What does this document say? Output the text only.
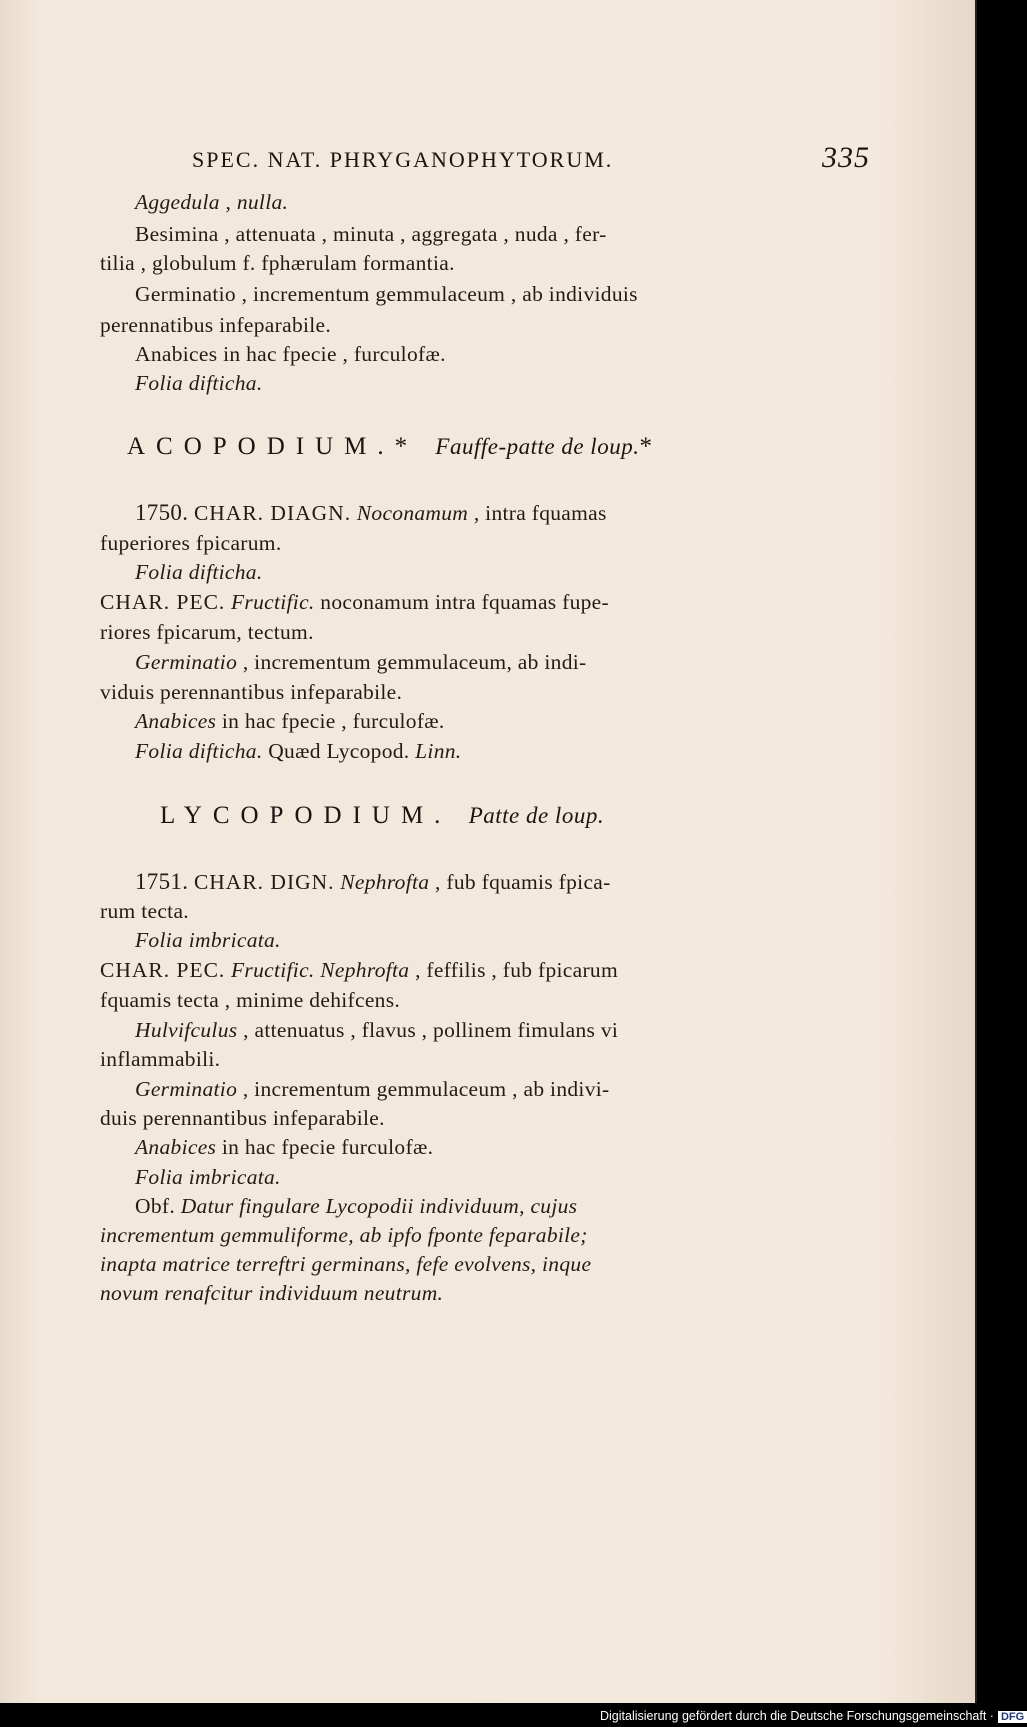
SPEC. NAT. PHRYGANOPHYTORUM.	335
Aggedula , nulla.
Besimina , attenuata , minuta , aggregata , nuda , fer-
tilia , globulum f. fphærulam formantia.
Germinatio , incrementum gemmulaceum , ab individuis
perennatibus infeparabile.
Anabices in hac fpecie , furculofæ.
Folia difticha.
ACOPODIUM.* Fauffe-patte de loup.*
1750. CHAR. DIAGN. Noconamum , intra fquamas
fuperiores fpicarum.
Folia difticha.
CHAR. PEC. Fructific. noconamum intra fquamas fupe-
riores fpicarum, tectum.
Germinatio , incrementum gemmulaceum, ab indi-
viduis perennantibus infeparabile.
Anabices in hac fpecie , furculofæ.
Folia difticha. Quæd Lycopod. Linn.
LYCOPODIUM. Patte de loup.
1751. CHAR. DIGN. Nephrofta , fub fquamis fpica-
rum tecta.
Folia imbricata.
CHAR. PEC. Fructific. Nephrofta , feffilis , fub fpicarum
fquamis tecta , minime dehifcens.
Hulvifculus , attenuatus , flavus , pollinem fimulans vi
inflammabili.
Germinatio , incrementum gemmulaceum , ab indivi-
duis perennantibus infeparabile.
Anabices in hac fpecie furculofæ.
Folia imbricata.
Obf. Datur fingulare Lycopodii individuum, cujus
incrementum gemmuliforme, ab ipfo fponte feparabile;
inapta matrice terreftri germinans, fefe evolvens, inque
novum renafcitur individuum neutrum.
Digitalisierung gefördert durch die Deutsche Forschungsgemeinschaft · DFG
